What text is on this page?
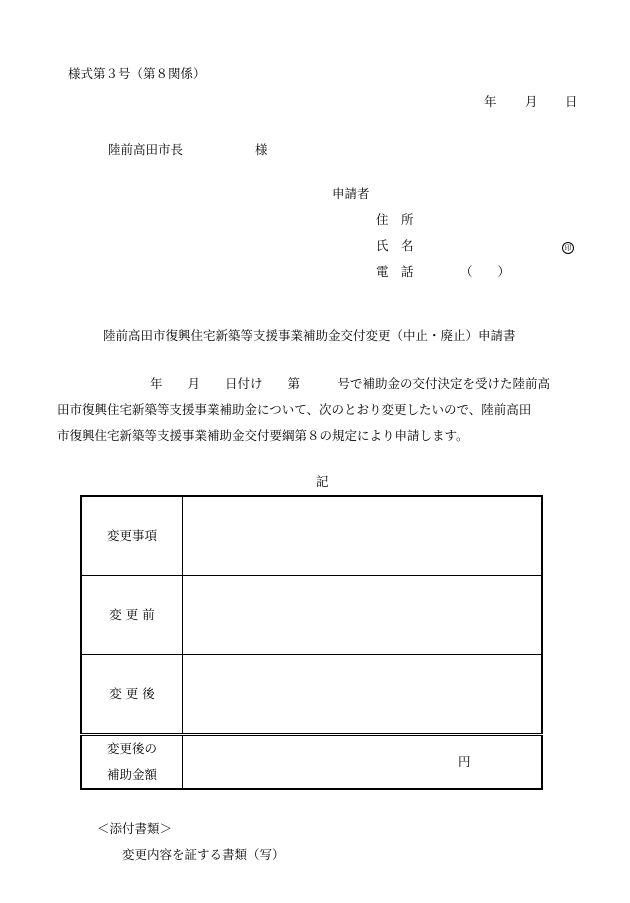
様式第３号（第８関係）
年 月 日
陸前高田市長	様
申請者
住　所
氏　名	印
電　話	（　　）
陸前高田市復興住宅新築等支援事業補助金交付変更（中止・廃止）申請書
年　　月　　日付け　　第　　　号で補助金の交付決定を受けた陸前高
田市復興住宅新築等支援事業補助金について、次のとおり変更したいので、陸前高田
市復興住宅新築等支援事業補助金交付要綱第８の規定により申請します。
記
変更事項	
変 更 前	
変 更 後	

変更後の
補助金額	円
＜添付書類＞
変更内容を証する書類（写）
